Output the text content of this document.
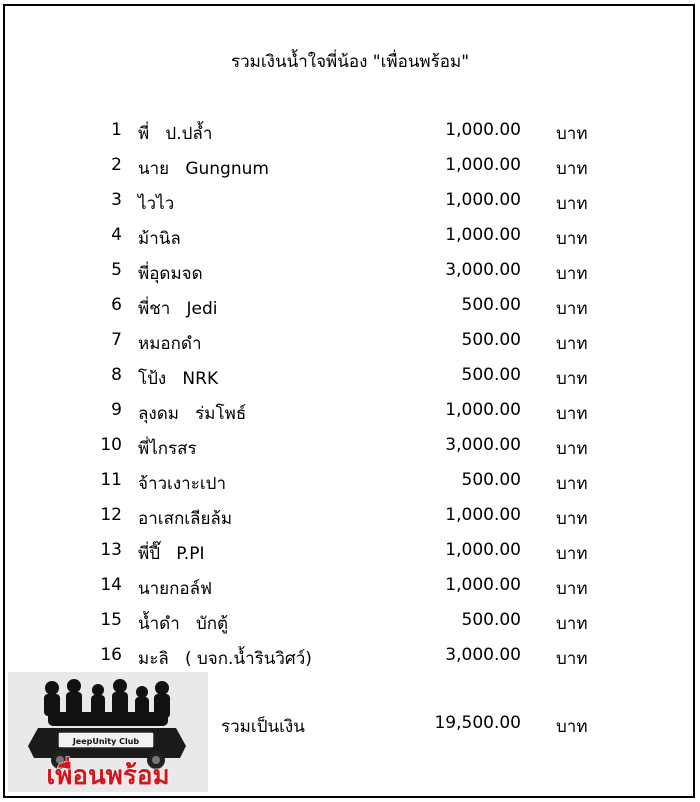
รวมเงินน้ำใจพี่น้อง "เพื่อนพร้อม"
1 พี่   ป.ปล้ำ	1,000.00 บาท
2 นาย   Gungnum	1,000.00 บาท
3 ไวไว	1,000.00 บาท
4 ม้านิล	1,000.00 บาท
5 พี่อุดมจด	3,000.00 บาท
6 พี่ชา   Jedi	500.00 บาท
7 หมอกดำ	500.00 บาท
8 โป้ง   NRK	500.00 บาท
9 ลุงดม   ร่มโพธ์	1,000.00 บาท
10 พี่ไกรสร	3,000.00 บาท
11 จ้าวเงาะเปา	500.00 บาท
12 อาเสกเลียล้ม	1,000.00 บาท
13 พี่ปี๊   P.PI	1,000.00 บาท
14 นายกอล์ฟ	1,000.00 บาท
15 น้ำดำ   บักตู้	500.00 บาท
16 มะลิ   ( บจก.น้ำรินวิศว์)	3,000.00 บาท
รวมเป็นเงิน	19,500.00 บาท
JeepUnity Club
เพื่อนพร้อม
